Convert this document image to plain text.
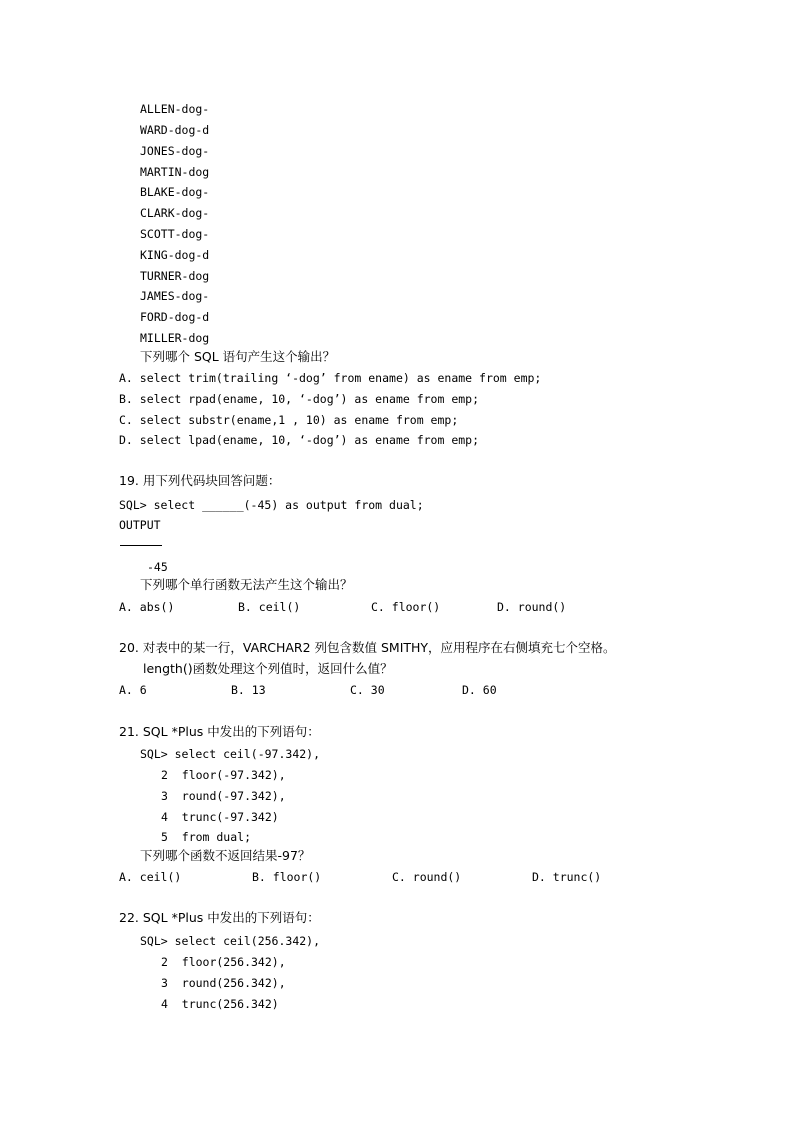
ALLEN-dog-
WARD-dog-d
JONES-dog-
MARTIN-dog
BLAKE-dog-
CLARK-dog-
SCOTT-dog-
KING-dog-d
TURNER-dog
JAMES-dog-
FORD-dog-d
MILLER-dog
下列哪个 SQL 语句产生这个输出？
A. select trim(trailing ‘-dog’ from ename) as ename from emp;
B. select rpad(ename, 10, ‘-dog’) as ename from emp;
C. select substr(ename,1 , 10) as ename from emp;
D. select lpad(ename, 10, ‘-dog’) as ename from emp;
19. 用下列代码块回答问题：
SQL> select ______(-45) as output from dual;
OUTPUT
-45
下列哪个单行函数无法产生这个输出？
A. abs()	B. ceil()	C. floor()	D. round()
20. 对表中的某一行，VARCHAR2 列包含数值 SMITHY，应用程序在右侧填充七个空格。
length()函数处理这个列值时，返回什么值？
A. 6	B. 13	C. 30	D. 60
21. SQL *Plus 中发出的下列语句：
SQL> select ceil(-97.342),
2  floor(-97.342),
3  round(-97.342),
4  trunc(-97.342)
5  from dual;
下列哪个函数不返回结果-97？
A. ceil()	B. floor()	C. round()	D. trunc()
22. SQL *Plus 中发出的下列语句：
SQL> select ceil(256.342),
2  floor(256.342),
3  round(256.342),
4  trunc(256.342)
